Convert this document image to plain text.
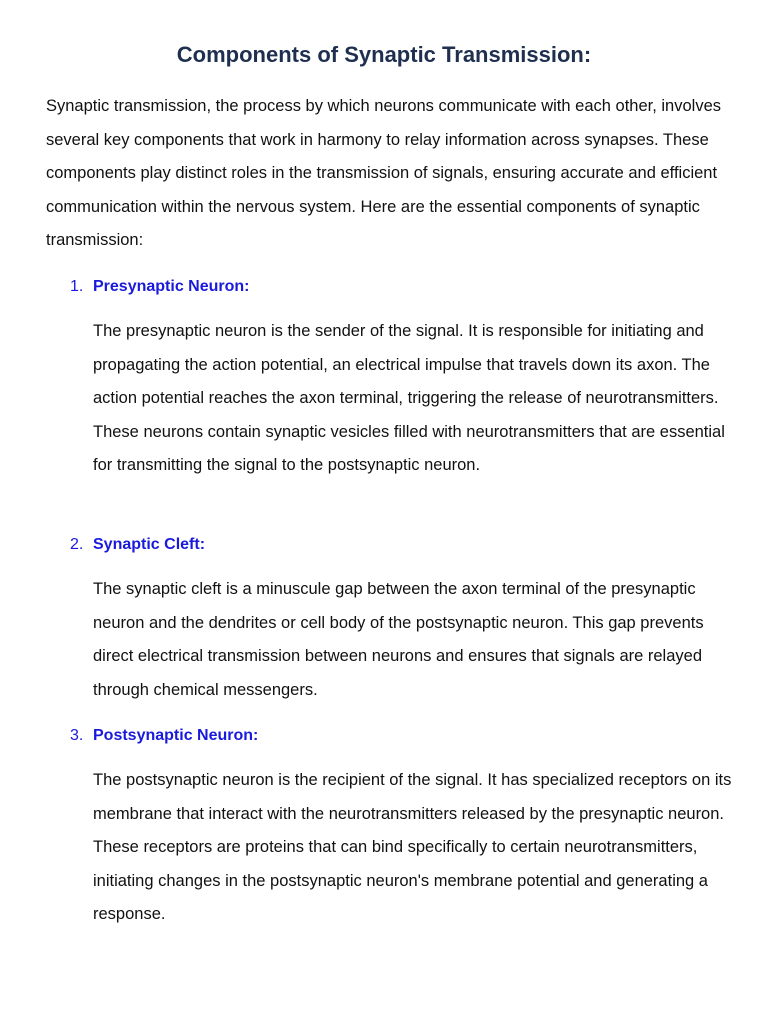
Components of Synaptic Transmission:

Synaptic transmission, the process by which neurons communicate with each other, involves several key components that work in harmony to relay information across synapses. These components play distinct roles in the transmission of signals, ensuring accurate and efficient communication within the nervous system. Here are the essential components of synaptic transmission:

1. Presynaptic Neuron:

The presynaptic neuron is the sender of the signal. It is responsible for initiating and propagating the action potential, an electrical impulse that travels down its axon. The action potential reaches the axon terminal, triggering the release of neurotransmitters. These neurons contain synaptic vesicles filled with neurotransmitters that are essential for transmitting the signal to the postsynaptic neuron.

2. Synaptic Cleft:

The synaptic cleft is a minuscule gap between the axon terminal of the presynaptic neuron and the dendrites or cell body of the postsynaptic neuron. This gap prevents direct electrical transmission between neurons and ensures that signals are relayed through chemical messengers.

3. Postsynaptic Neuron:

The postsynaptic neuron is the recipient of the signal. It has specialized receptors on its membrane that interact with the neurotransmitters released by the presynaptic neuron. These receptors are proteins that can bind specifically to certain neurotransmitters, initiating changes in the postsynaptic neuron's membrane potential and generating a response.
